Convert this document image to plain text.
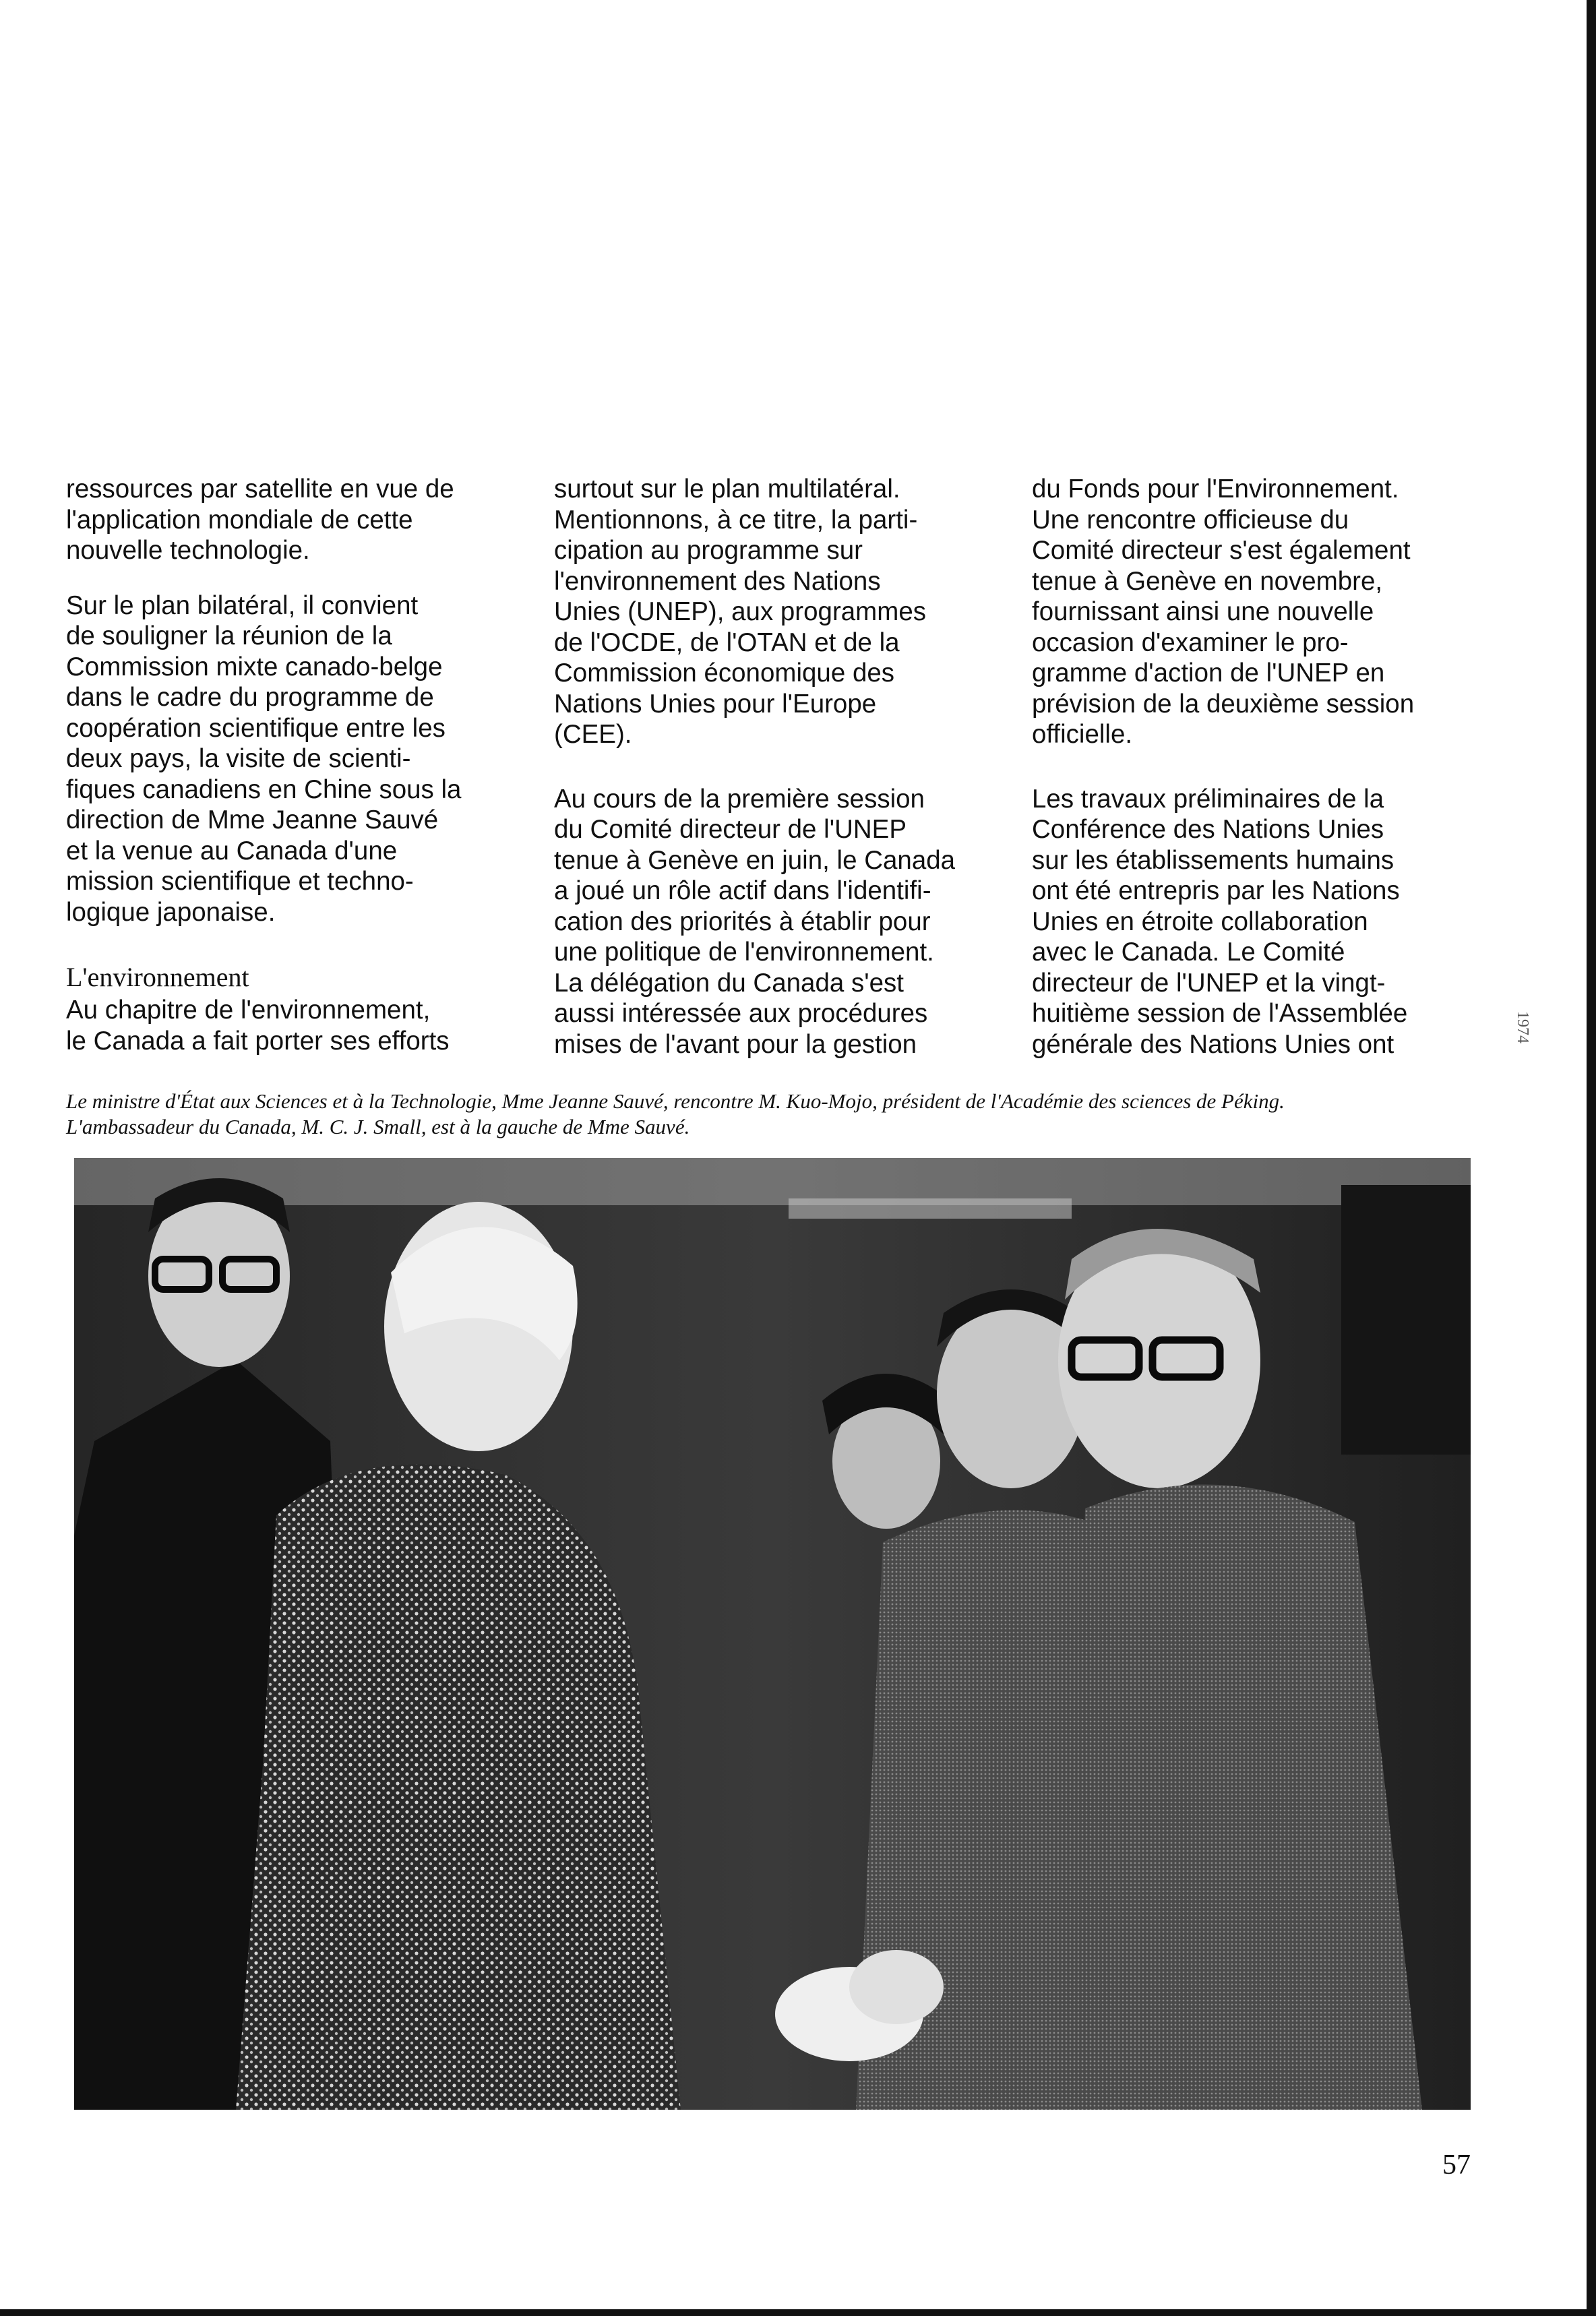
ressources par satellite en vue de
l'application mondiale de cette
nouvelle technologie.

Sur le plan bilatéral, il convient
de souligner la réunion de la
Commission mixte canado-belge
dans le cadre du programme de
coopération scientifique entre les
deux pays, la visite de scienti-
fiques canadiens en Chine sous la
direction de Mme Jeanne Sauvé
et la venue au Canada d'une
mission scientifique et techno-
logique japonaise.

L'environnement
Au chapitre de l'environnement,
le Canada a fait porter ses efforts

surtout sur le plan multilatéral.
Mentionnons, à ce titre, la parti-
cipation au programme sur
l'environnement des Nations
Unies (UNEP), aux programmes
de l'OCDE, de l'OTAN et de la
Commission économique des
Nations Unies pour l'Europe
(CEE).

Au cours de la première session
du Comité directeur de l'UNEP
tenue à Genève en juin, le Canada
a joué un rôle actif dans l'identifi-
cation des priorités à établir pour
une politique de l'environnement.
La délégation du Canada s'est
aussi intéressée aux procédures
mises de l'avant pour la gestion

du Fonds pour l'Environnement.
Une rencontre officieuse du
Comité directeur s'est également
tenue à Genève en novembre,
fournissant ainsi une nouvelle
occasion d'examiner le pro-
gramme d'action de l'UNEP en
prévision de la deuxième session
officielle.

Les travaux préliminaires de la
Conférence des Nations Unies
sur les établissements humains
ont été entrepris par les Nations
Unies en étroite collaboration
avec le Canada. Le Comité
directeur de l'UNEP et la vingt-
huitième session de l'Assemblée
générale des Nations Unies ont

Le ministre d'État aux Sciences et à la Technologie, Mme Jeanne Sauvé, rencontre M. Kuo-Mojo, président de l'Académie des sciences de Péking.
L'ambassadeur du Canada, M. C. J. Small, est à la gauche de Mme Sauvé.
57
1974
